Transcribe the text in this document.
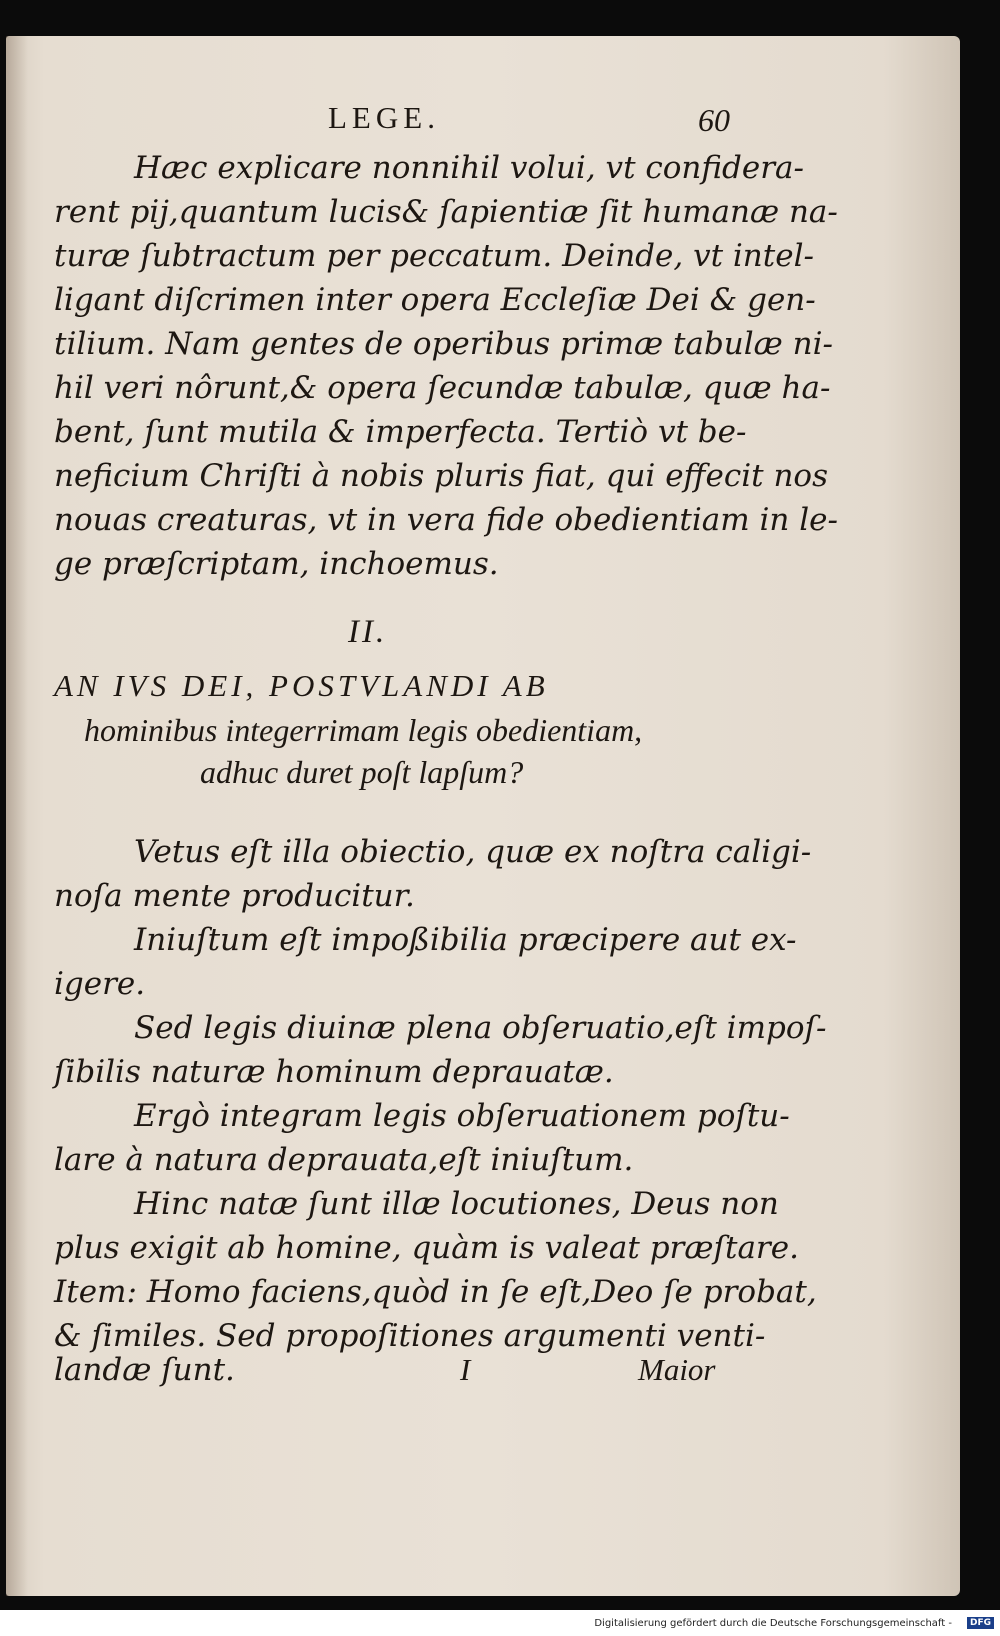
LEGE.	60
Hæc explicare nonnihil volui, vt confidera-
rent pij,quantum lucis& ſapientiæ ſit humanæ na-
turæ ſubtractum per peccatum. Deinde, vt intel-
ligant diſcrimen inter opera Eccleſiæ Dei & gen-
tilium. Nam gentes de operibus primæ tabulæ ni-
hil veri nôrunt,& opera ſecundæ tabulæ, quæ ha-
bent, ſunt mutila & imperfecta. Tertiò vt be-
neficium Chriſti à nobis pluris fiat, qui effecit nos
nouas creaturas, vt in vera fide obedientiam in le-
ge præſcriptam, inchoemus.
II.
AN IVS DEI, POSTVLANDI AB
hominibus integerrimam legis obedientiam,
adhuc duret poſt lapſum?
Vetus eſt illa obiectio, quæ ex noſtra caligi-
noſa mente producitur.
Iniuſtum eſt impoßibilia præcipere aut ex-
igere.
Sed legis diuinæ plena obſeruatio,eſt impoſ-
ſibilis naturæ hominum deprauatæ.
Ergò integram legis obſeruationem poſtu-
lare à natura deprauata,eſt iniuſtum.
Hinc natæ ſunt illæ locutiones, Deus non
plus exigit ab homine, quàm is valeat præſtare.
Item: Homo faciens,quòd in ſe eſt,Deo ſe probat,
& ſimiles. Sed propoſitiones argumenti venti-
landæ ſunt.	I	Maior
Digitalisierung gefördert durch die Deutsche Forschungsgemeinschaft -	DFG
